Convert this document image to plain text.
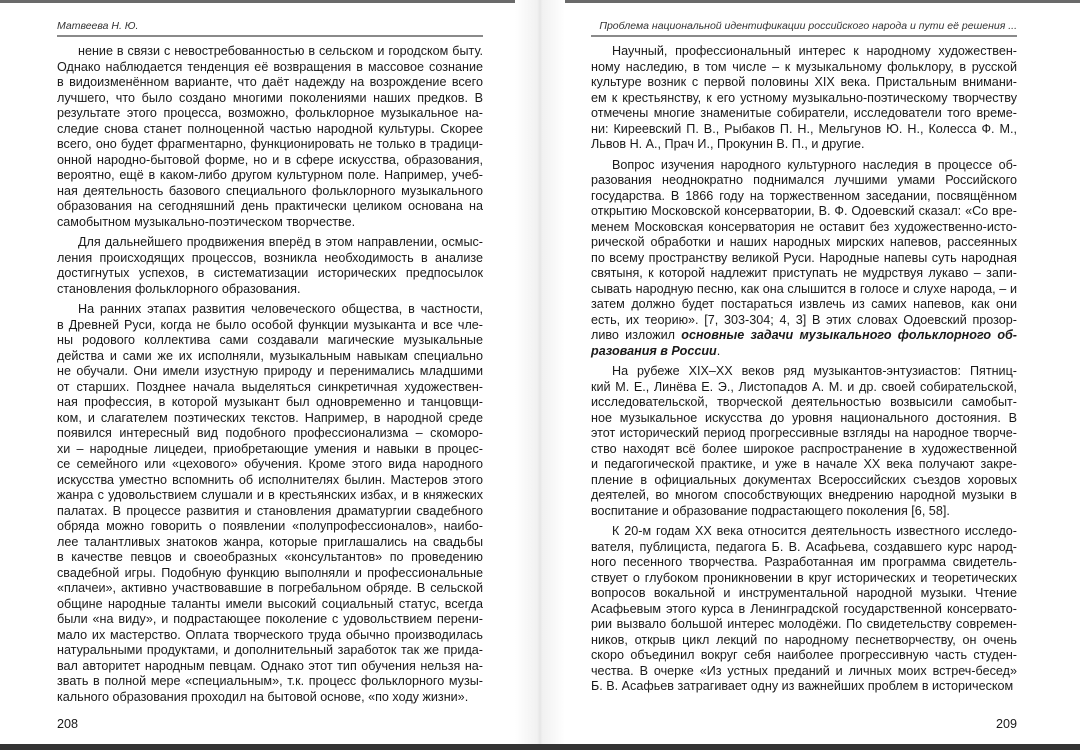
Матвеева Н. Ю.
нение в связи с невостребованностью в сельском и городском быту.
Однако наблюдается тенденция её возвращения в массовое сознание
в видоизменённом варианте, что даёт надежду на возрождение всего
лучшего, что было создано многими поколениями наших предков. В
результате этого процесса, возможно, фольклорное музыкальное на-
следие снова станет полноценной частью народной культуры. Скорее
всего, оно будет фрагментарно, функционировать не только в традици-
онной народно-бытовой форме, но и в сфере искусства, образования,
вероятно, ещё в каком-либо другом культурном поле. Например, учеб-
ная деятельность базового специального фольклорного музыкального
образования на сегодняшний день практически целиком основана на
самобытном музыкально-поэтическом творчестве.
Для дальнейшего продвижения вперёд в этом направлении, осмыс-
ления происходящих процессов, возникла необходимость в анализе
достигнутых успехов, в систематизации исторических предпосылок
становления фольклорного образования.
На ранних этапах развития человеческого общества, в частности,
в Древней Руси, когда не было особой функции музыканта и все чле-
ны родового коллектива сами создавали магические музыкальные
действа и сами же их исполняли, музыкальным навыкам специально
не обучали. Они имели изустную природу и перенимались младшими
от старших. Позднее начала выделяться синкретичная художествен-
ная профессия, в которой музыкант был одновременно и танцовщи-
ком, и слагателем поэтических текстов. Например, в народной среде
появился интересный вид подобного профессионализма – скоморо-
хи – народные лицедеи, приобретающие умения и навыки в процес-
се семейного или «цехового» обучения. Кроме этого вида народного
искусства уместно вспомнить об исполнителях былин. Мастеров этого
жанра с удовольствием слушали и в крестьянских избах, и в княжеских
палатах. В процессе развития и становления драматургии свадебного
обряда можно говорить о появлении «полупрофессионалов», наибо-
лее талантливых знатоков жанра, которые приглашались на свадьбы
в качестве певцов и своеобразных «консультантов» по проведению
свадебной игры. Подобную функцию выполняли и профессиональные
«плачеи», активно участвовавшие в погребальном обряде. В сельской
общине народные таланты имели высокий социальный статус, всегда
были «на виду», и подрастающее поколение с удовольствием перени-
мало их мастерство. Оплата творческого труда обычно производилась
натуральными продуктами, и дополнительный заработок так же прида-
вал авторитет народным певцам. Однако этот тип обучения нельзя на-
звать в полной мере «специальным», т.к. процесс фольклорного музы-
кального образования проходил на бытовой основе, «по ходу жизни».
208
Проблема национальной идентификации российского народа и пути её решения ...
Научный, профессиональный интерес к народному художествен-
ному наследию, в том числе – к музыкальному фольклору, в русской
культуре возник с первой половины XIX века. Пристальным внимани-
ем к крестьянству, к его устному музыкально-поэтическому творчеству
отмечены многие знаменитые собиратели, исследователи того време-
ни: Киреевский П. В., Рыбаков П. Н., Мельгунов Ю. Н., Колесса Ф. М.,
Львов Н. А., Прач И., Прокунин В. П., и другие.
Вопрос изучения народного культурного наследия в процессе об-
разования неоднократно поднимался лучшими умами Российского
государства. В 1866 году на торжественном заседании, посвящённом
открытию Московской консерватории, В. Ф. Одоевский сказал: «Со вре-
менем Московская консерватория не оставит без художественно-исто-
рической обработки и наших народных мирских напевов, рассеянных
по всему пространству великой Руси. Народные напевы суть народная
святыня, к которой надлежит приступать не мудрствуя лукаво – запи-
сывать народную песню, как она слышится в голосе и слухе народа, – и
затем должно будет постараться извлечь из самих напевов, как они
есть, их теорию». [7, 303-304; 4, 3] В этих словах Одоевский прозор-
ливо изложил основные задачи музыкального фольклорного об-
разования в России.
На рубеже XIX–XX веков ряд музыкантов-энтузиастов: Пятниц-
кий М. Е., Линёва Е. Э., Листопадов А. М. и др. своей собирательской,
исследовательской, творческой деятельностью возвысили самобыт-
ное музыкальное искусства до уровня национального достояния. В
этот исторический период прогрессивные взгляды на народное творче-
ство находят всё более широкое распространение в художественной
и педагогической практике, и уже в начале XX века получают закре-
пление в официальных документах Всероссийских съездов хоровых
деятелей, во многом способствующих внедрению народной музыки в
воспитание и образование подрастающего поколения [6, 58].
К 20-м годам XX века относится деятельность известного исследо-
вателя, публициста, педагога Б. В. Асафьева, создавшего курс народ-
ного песенного творчества. Разработанная им программа свидетель-
ствует о глубоком проникновении в круг исторических и теоретических
вопросов вокальной и инструментальной народной музыки. Чтение
Асафьевым этого курса в Ленинградской государственной консервато-
рии вызвало большой интерес молодёжи. По свидетельству современ-
ников, открыв цикл лекций по народному песнетворчеству, он очень
скоро объединил вокруг себя наиболее прогрессивную часть студен-
чества. В очерке «Из устных преданий и личных моих встреч-бесед»
Б. В. Асафьев затрагивает одну из важнейших проблем в историческом
209
